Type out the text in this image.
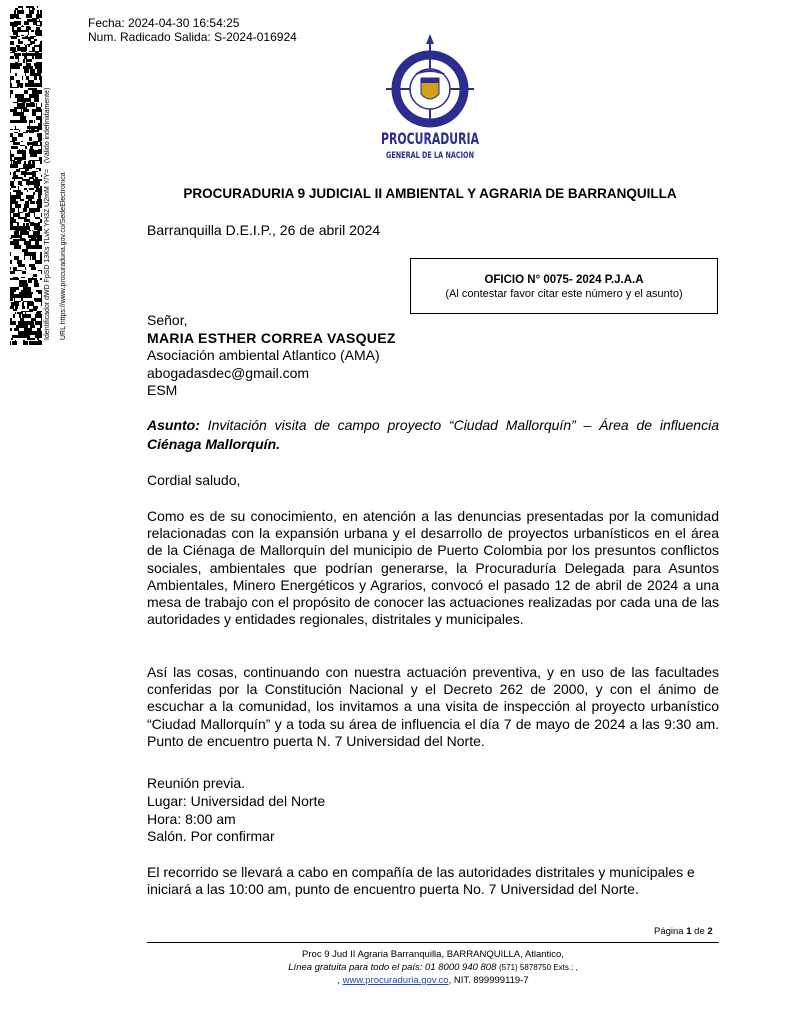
Identificador dWD FpSD 13Ks TLvK YH3Z U2mM Y/Y=   (Válido indefinidamente)
URL https://www.procuraduria.gov.co/SedeElectronica
Fecha: 2024-04-30 16:54:25
Num. Radicado Salida: S-2024-016924
PROCURADURIA
GENERAL DE LA NACION
PROCURADURIA 9 JUDICIAL II AMBIENTAL Y AGRARIA DE BARRANQUILLA
Barranquilla D.E.I.P., 26 de abril 2024
OFICIO N° 0075- 2024 P.J.A.A
(Al contestar favor citar este número y el asunto)
Señor,
MARIA ESTHER CORREA VASQUEZ
Asociación ambiental Atlantico (AMA)
abogadasdec@gmail.com
ESM
Asunto: Invitación visita de campo proyecto “Ciudad Mallorquín” – Área de influencia Ciénaga Mallorquín.
Cordial saludo,
Como es de su conocimiento, en atención a las denuncias presentadas por la comunidad relacionadas con la expansión urbana y el desarrollo de proyectos urbanísticos en el área de la Ciénaga de Mallorquín del municipio de Puerto Colombia por los presuntos conflictos sociales, ambientales que podrían generarse, la Procuraduría Delegada para Asuntos Ambientales, Minero Energéticos y Agrarios, convocó el pasado 12 de abril de 2024 a una mesa de trabajo con el propósito de conocer las actuaciones realizadas por cada una de las autoridades y entidades regionales, distritales y municipales.
Así las cosas, continuando con nuestra actuación preventiva, y en uso de las facultades conferidas por la Constitución Nacional y el Decreto 262 de 2000, y con el ánimo de escuchar a la comunidad, los invitamos a una visita de inspección al proyecto urbanístico “Ciudad Mallorquín” y a toda su área de influencia el día 7 de mayo de 2024 a las 9:30 am. Punto de encuentro puerta N. 7 Universidad del Norte.
Reunión previa.
Lugar: Universidad del Norte
Hora: 8:00 am
Salón. Por confirmar
El recorrido se llevará a cabo en compañía de las autoridades distritales y municipales e iniciará a las 10:00 am, punto de encuentro puerta No. 7 Universidad del Norte.
Página 1 de 2
Proc 9 Jud II Agraria Barranquilla, BARRANQUILLA, Atlantico,
Línea gratuita para todo el país: 01 8000 940 808 (571) 5878750 Exts.: ,
, www.procuraduria.gov.co, NIT. 899999119-7
